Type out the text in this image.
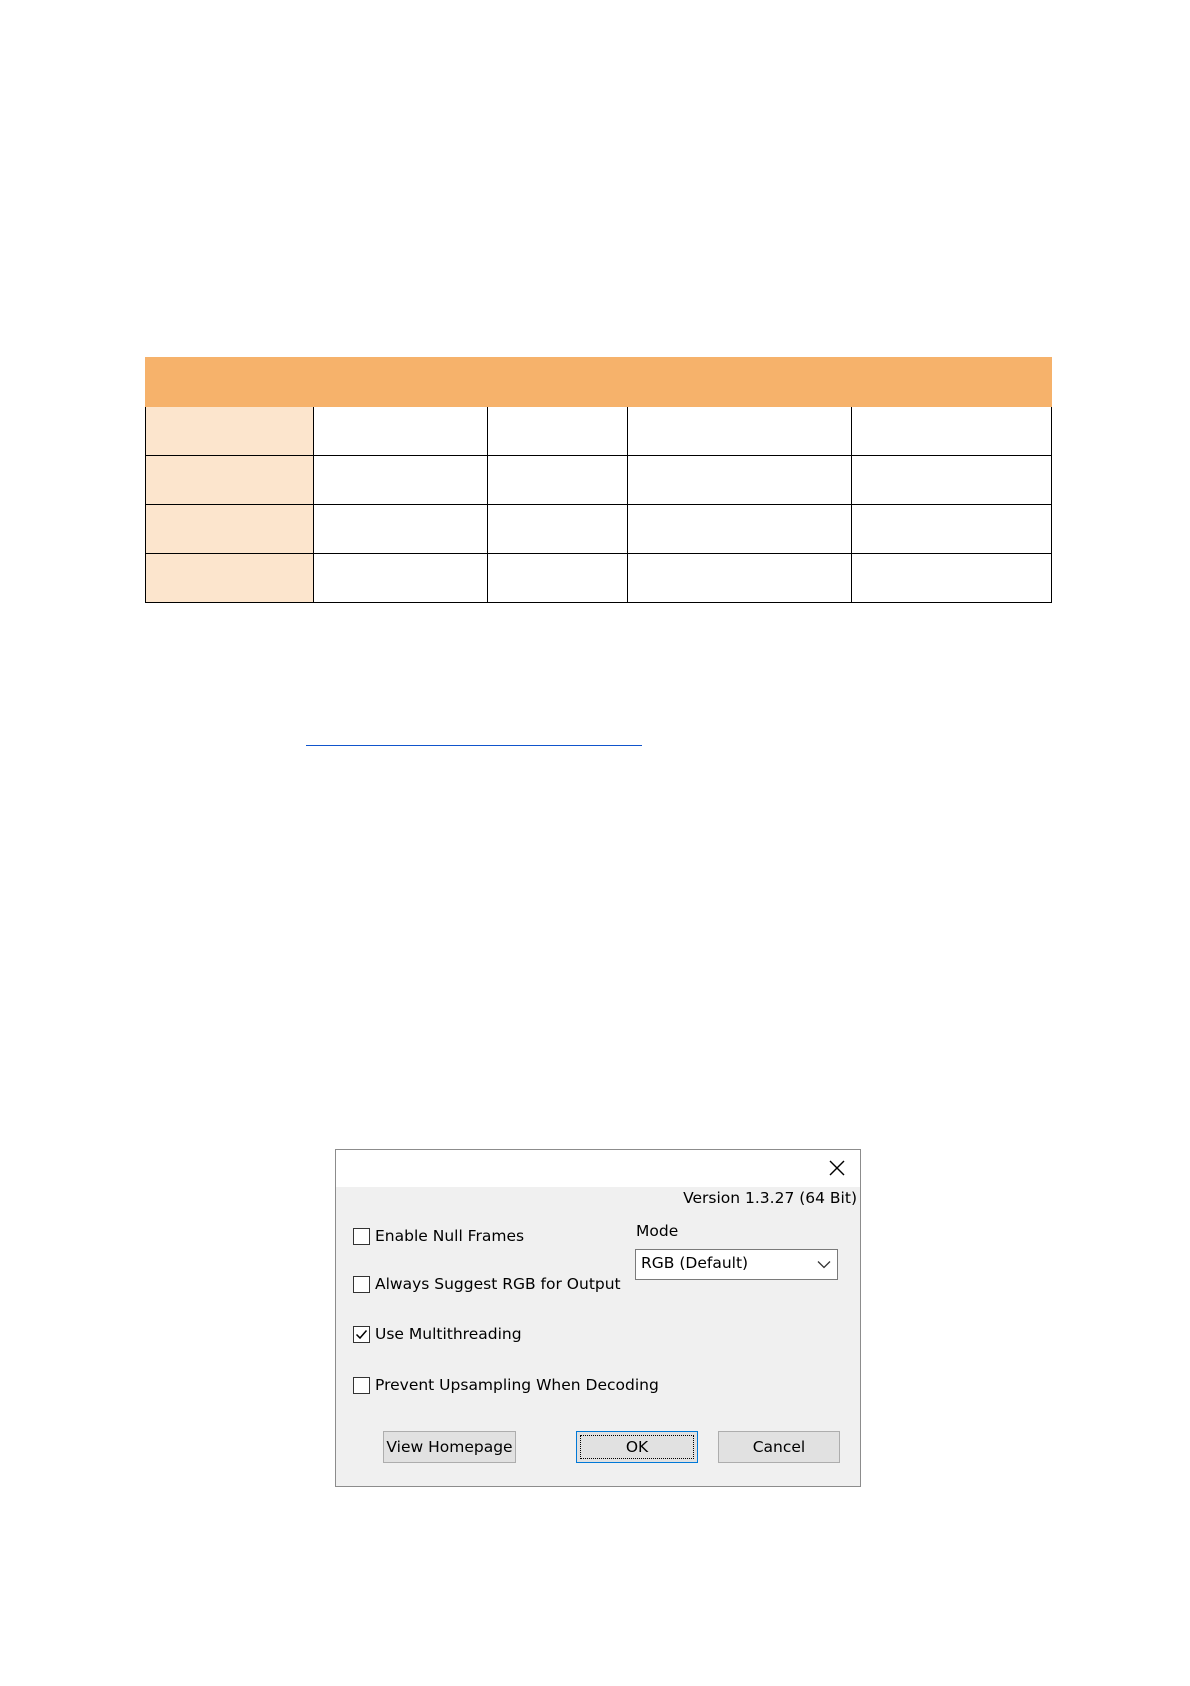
Version 1.3.27 (64 Bit)
Enable Null Frames
Always Suggest RGB for Output
Use Multithreading
Prevent Upsampling When Decoding
Mode
RGB (Default)
View Homepage	OK	Cancel
